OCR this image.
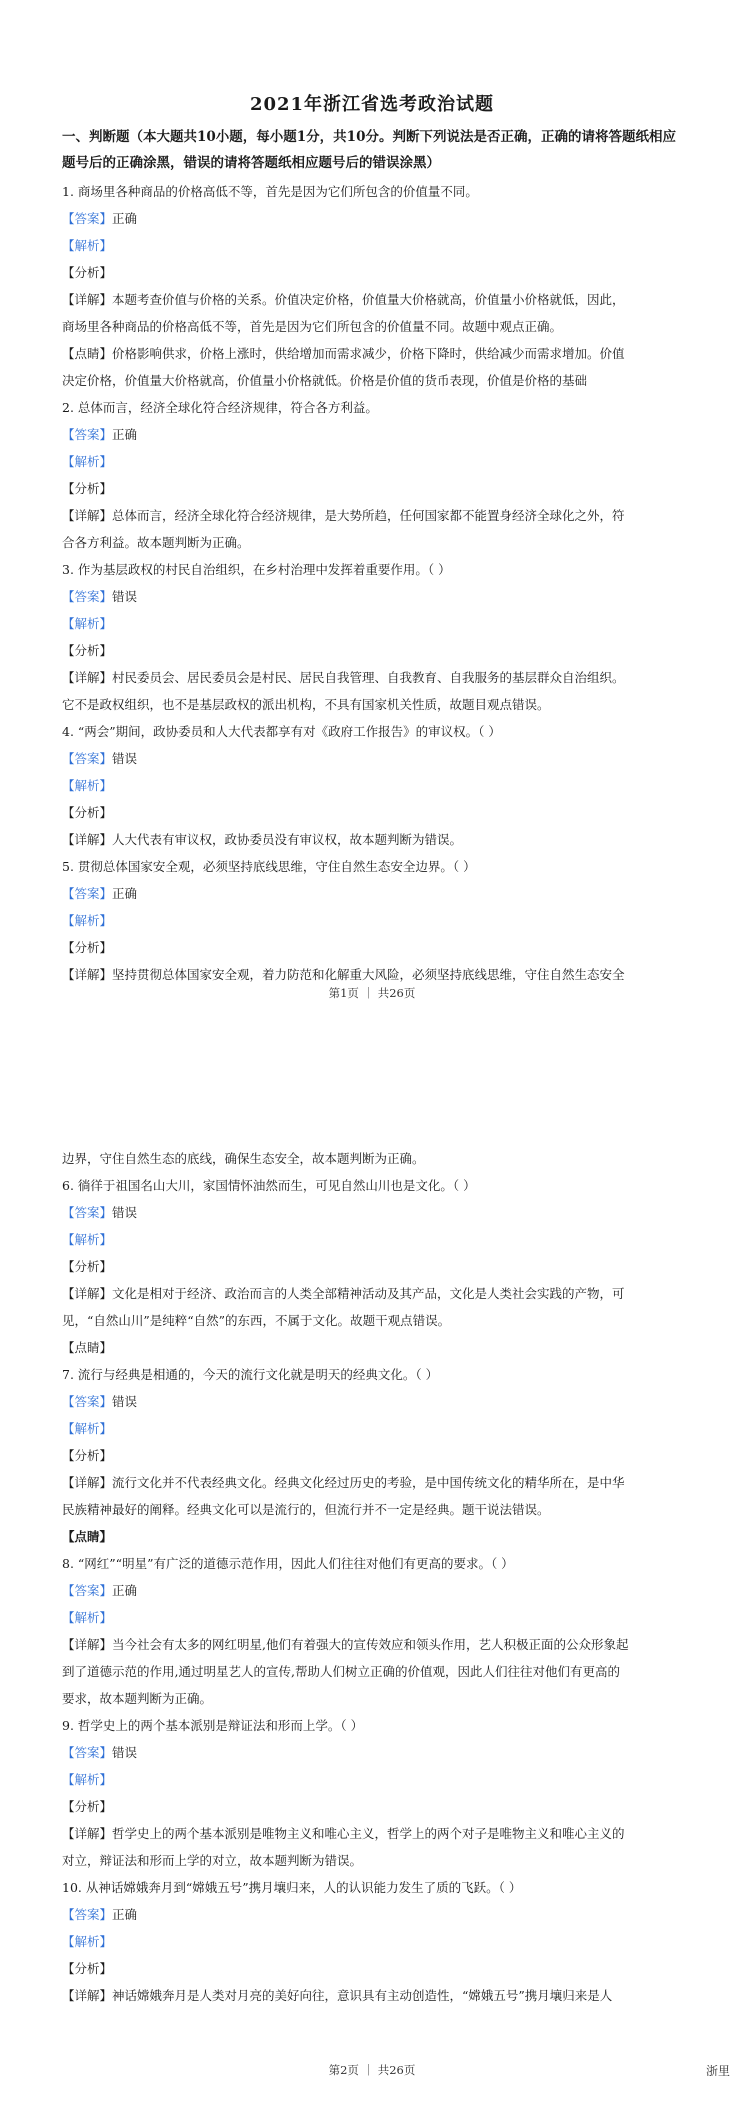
2021年浙江省选考政治试题

一、判断题（本大题共10小题，每小题1分，共10分。判断下列说法是否正确，正确的请将答题纸相应题号后的正确涂黑，错误的请将答题纸相应题号后的错误涂黑）

1. 商场里各种商品的价格高低不等，首先是因为它们所包含的价值量不同。

【答案】正确

【解析】

【分析】

【详解】本题考查价值与价格的关系。价值决定价格，价值量大价格就高，价值量小价格就低，因此，

商场里各种商品的价格高低不等，首先是因为它们所包含的价值量不同。故题中观点正确。

【点睛】价格影响供求，价格上涨时，供给增加而需求减少，价格下降时，供给减少而需求增加。价值

决定价格，价值量大价格就高，价值量小价格就低。价格是价值的货币表现，价值是价格的基础

2. 总体而言，经济全球化符合经济规律，符合各方利益。

【答案】正确

【解析】

【分析】

【详解】总体而言，经济全球化符合经济规律，是大势所趋，任何国家都不能置身经济全球化之外，符

合各方利益。故本题判断为正确。

3. 作为基层政权的村民自治组织，在乡村治理中发挥着重要作用。（ ）

【答案】错误

【解析】

【分析】

【详解】村民委员会、居民委员会是村民、居民自我管理、自我教育、自我服务的基层群众自治组织。

它不是政权组织，也不是基层政权的派出机构，不具有国家机关性质，故题目观点错误。

4. “两会”期间，政协委员和人大代表都享有对《政府工作报告》的审议权。（ ）

【答案】错误

【解析】

【分析】

【详解】人大代表有审议权，政协委员没有审议权，故本题判断为错误。

5. 贯彻总体国家安全观，必须坚持底线思维，守住自然生态安全边界。（ ）

【答案】正确

【解析】

【分析】

【详解】坚持贯彻总体国家安全观，着力防范和化解重大风险，必须坚持底线思维，守住自然生态安全

第1页 ｜ 共26页

边界，守住自然生态的底线，确保生态安全，故本题判断为正确。

6. 徜徉于祖国名山大川，家国情怀油然而生，可见自然山川也是文化。（ ）

【答案】错误

【解析】

【分析】

【详解】文化是相对于经济、政治而言的人类全部精神活动及其产品，文化是人类社会实践的产物，可

见，“自然山川”是纯粹“自然”的东西，不属于文化。故题干观点错误。

【点睛】

7. 流行与经典是相通的，今天的流行文化就是明天的经典文化。（ ）

【答案】错误

【解析】

【分析】

【详解】流行文化并不代表经典文化。经典文化经过历史的考验，是中国传统文化的精华所在，是中华

民族精神最好的阐释。经典文化可以是流行的，但流行并不一定是经典。题干说法错误。

【点睛】

8. “网红”“明星”有广泛的道德示范作用，因此人们往往对他们有更高的要求。（ ）

【答案】正确

【解析】

【详解】当今社会有太多的网红明星,他们有着强大的宣传效应和领头作用，艺人积极正面的公众形象起

到了道德示范的作用,通过明星艺人的宣传,帮助人们树立正确的价值观，因此人们往往对他们有更高的

要求，故本题判断为正确。

9. 哲学史上的两个基本派别是辩证法和形而上学。（ ）

【答案】错误

【解析】

【分析】

【详解】哲学史上的两个基本派别是唯物主义和唯心主义，哲学上的两个对子是唯物主义和唯心主义的

对立，辩证法和形而上学的对立，故本题判断为错误。

10. 从神话嫦娥奔月到“嫦娥五号”携月壤归来，人的认识能力发生了质的飞跃。（ ）

【答案】正确

【解析】

【分析】

【详解】神话嫦娥奔月是人类对月亮的美好向往，意识具有主动创造性，“嫦娥五号”携月壤归来是人

第2页 ｜ 共26页	浙里
